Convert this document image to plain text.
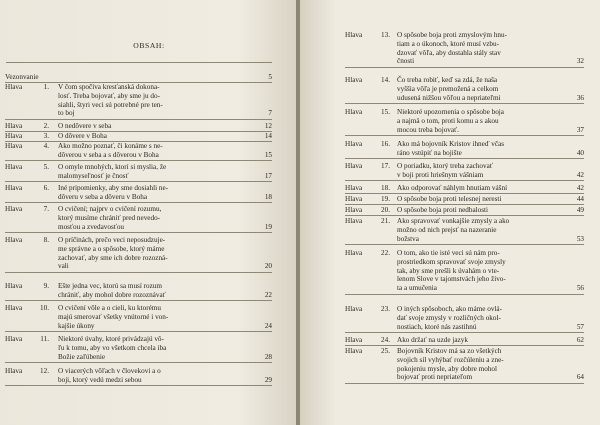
OBSAH:
Vezonvanie	5
Hlava	1. V čom spočíva kresťanská dokona-
losť. Treba bojovať, aby sme ju do-
siahli, štyri veci sú potrebné pre ten-
to boj	7
Hlava	2. O nedôvere v seba	12
Hlava	3. O dôvere v Boha	14
Hlava	4. Ako možno poznať, či konáme s ne-
dôverou v seba a s dôverou v Boha	15
Hlava	5. O omyle mnohých, ktorí si myslia, že
malomyseľnosť je čnosť	17
Hlava	6. Iné pripomienky, aby sme dosiahli ne-
dôveru v seba a dôveru v Boha	18
Hlava	7. O cvičení; najprv o cvičení rozumu,
ktorý musíme chrániť pred nevedo-
mosťou a zvedavosťou	19
Hlava	8. O príčinách, prečo veci neposudzuje-
me správne a o spôsobe, ktorý máme
zachovať, aby sme ich dobre rozozná-
vali	20
Hlava	9. Ešte jedna vec, ktorú sa musí rozum
chrániť, aby mohol dobre rozoznávať	22
Hlava	10. O cvičení vôle a o cieli, ku ktorému
majú smerovať všetky vnútorné i von-
kajšie úkony	24
Hlava	11. Niektoré úvahy, ktoré privádzajú vô-
ľu k tomu, aby vo všetkom chcela iba
Božie zaľúbenie	28
Hlava	12. O viacerých vôľach v človekovi a o
boji, ktorý vedú medzi sebou	29
Hlava	13. O spôsobe boja proti zmyslovým hnu-
tiam a o úkonoch, ktoré musí vzbu-
dzovať vôľa, aby dostahla stály stav
čnosti	32
Hlava	14. Čo treba robiť, keď sa zdá, že naša
vyššia vôľa je premožená a celkom
udusená nižšou vôľou a nepriateľmi	36
Hlava	15. Niektoré upozornenia o spôsobe boja
a najmä o tom, proti komu a s akou
mocou treba bojovať.	37
Hlava	16. Ako má bojovník Kristov ihneď včas
ráno vstúpiť na bojište	40
Hlava	17. O poriadku, ktorý treba zachovať
v boji proti hriešnym vášniam	42
Hlava	18. Ako odporovať náhlym hnutiam vášní	42
Hlava	19. O spôsobe boja proti telesnej neresti	44
Hlava	20. O spôsobe boja proti nedbalosti	49
Hlava	21. Ako spravovať vonkajšie zmysly a ako
možno od nich prejsť na nazeranie
božstva	53
Hlava	22. O tom, ako tie isté veci sú nám pro-
prostriedkom spravovať svoje zmysly
tak, aby sme prešli k úvahám o vte-
lenom Slove v tajomstvách jeho živo-
ta a umučenia	56
Hlava	23. O iných spôsoboch, ako máme ovlá-
dať svoje zmysly v rozličných okol-
nostiach, ktoré nás zastihnú	57
Hlava	24. Ako držať na uzde jazyk	62
Hlava	25. Bojovník Kristov má sa zo všetkých
svojich síl vyhýbať rozčúleniu a zne-
pokojeniu mysle, aby dobre mohol
bojovať proti nepriateľom	64
